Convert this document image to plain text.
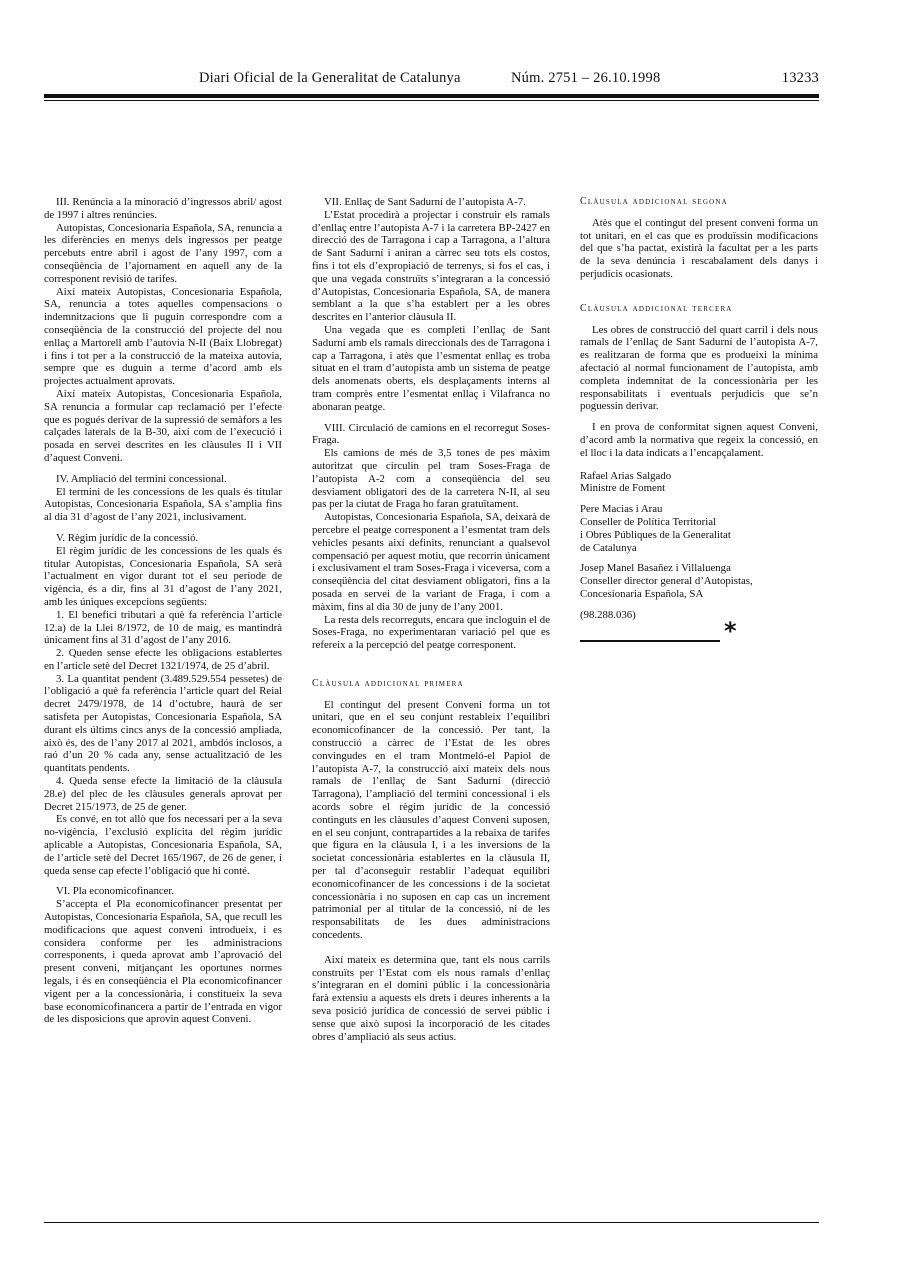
Diari Oficial de la Generalitat de Catalunya	Núm. 2751 – 26.10.1998	13233

III. Renúncia a la minoració d’ingressos abril/ agost de 1997 i altres renúncies.

Autopistas, Concesionaria Española, SA, renuncia a les diferències en menys dels ingressos per peatge percebuts entre abril i agost de l’any 1997, com a conseqüència de l’ajornament en aquell any de la corresponent revisió de tarifes.

Així mateix Autopistas, Concesionaria Española, SA, renuncia a totes aquelles compensacions o indemnitzacions que li puguin correspondre com a conseqüència de la construcció del projecte del nou enllaç a Martorell amb l’autovia N-II (Baix Llobregat) i fins i tot per a la construcció de la mateixa autovia, sempre que es duguin a terme d’acord amb els projectes actualment aprovats.

Així mateix Autopistas, Concesionaria Española, SA renuncia a formular cap reclamació per l’efecte que es pogués derivar de la supressió de semàfors a les calçades laterals de la B-30, així com de l’execució i posada en servei descrites en les clàusules II i VII d’aquest Conveni.

IV. Ampliació del termini concessional.

El termini de les concessions de les quals és titular Autopistas, Concesionaria Española, SA s’amplia fins al dia 31 d’agost de l’any 2021, inclusivament.

V. Règim jurídic de la concessió.

El règim jurídic de les concessions de les quals és titular Autopistas, Concesionaria Española, SA serà l’actualment en vigor durant tot el seu període de vigència, és a dir, fins al 31 d’agost de l’any 2021, amb les úniques excepcions següents:

1. El benefici tributari a què fa referència l’article 12.a) de la Llei 8/1972, de 10 de maig, es mantindrà únicament fins al 31 d’agost de l’any 2016.

2. Queden sense efecte les obligacions establertes en l’article setè del Decret 1321/1974, de 25 d’abril.

3. La quantitat pendent (3.489.529.554 pessetes) de l’obligació a què fa referència l’article quart del Reial decret 2479/1978, de 14 d’octubre, haurà de ser satisfeta per Autopistas, Concesionaria Española, SA durant els últims cincs anys de la concessió ampliada, això és, des de l’any 2017 al 2021, ambdós inclosos, a raó d’un 20 % cada any, sense actualització de les quantitats pendents.

4. Queda sense efecte la limitació de la clàusula 28.e) del plec de les clàusules generals aprovat per Decret 215/1973, de 25 de gener.

Es convé, en tot allò que fos necessari per a la seva no-vigència, l’exclusió explícita del règim jurídic aplicable a Autopistas, Concesionaria Española, SA, de l’article setè del Decret 165/1967, de 26 de gener, i queda sense cap efecte l’obligació que hi conté.

VI. Pla economicofinancer.

S’accepta el Pla economicofinancer presentat per Autopistas, Concesionaria Española, SA, que recull les modificacions que aquest conveni introdueix, i es considera conforme per les administracions corresponents, i queda aprovat amb l’aprovació del present conveni, mitjançant les oportunes normes legals, i és en conseqüència el Pla economicofinancer vigent per a la concessionària, i constitueix la seva base economicofinancera a partir de l’entrada en vigor de les disposicions que aprovin aquest Conveni.

VII. Enllaç de Sant Sadurní de l’autopista A-7.

L’Estat procedirà a projectar i construir els ramals d’enllaç entre l’autopista A-7 i la carretera BP-2427 en direcció des de Tarragona i cap a Tarragona, a l’altura de Sant Sadurní i aniran a càrrec seu tots els costos, fins i tot els d’expropiació de terrenys, si fos el cas, i que una vegada construïts s’integraran a la concessió d’Autopistas, Concesionaria Española, SA, de manera semblant a la que s’ha establert per a les obres descrites en l’anterior clàusula II.

Una vegada que es completi l’enllaç de Sant Sadurní amb els ramals direccionals des de Tarragona i cap a Tarragona, i atès que l’esmentat enllaç es troba situat en el tram d’autopista amb un sistema de peatge dels anomenats oberts, els desplaçaments interns al tram comprès entre l’esmentat enllaç i Vilafranca no abonaran peatge.

VIII. Circulació de camions en el recorregut Soses-Fraga.

Els camions de més de 3,5 tones de pes màxim autoritzat que circulin pel tram Soses-Fraga de l’autopista A-2 com a conseqüència del seu desviament obligatori des de la carretera N-II, al seu pas per la ciutat de Fraga ho faran gratuïtament.

Autopistas, Concesionaria Española, SA, deixarà de percebre el peatge corresponent a l’esmentat tram dels vehicles pesants així definits, renunciant a qualsevol compensació per aquest motiu, que recorrin únicament i exclusivament el tram Soses-Fraga i viceversa, com a conseqüència del citat desviament obligatori, fins a la posada en servei de la variant de Fraga, i com a màxim, fins al dia 30 de juny de l’any 2001.

La resta dels recorreguts, encara que incloguin el de Soses-Fraga, no experimentaran variació pel que es refereix a la percepció del peatge corresponent.

Clàusula addicional primera

El contingut del present Conveni forma un tot unitari, que en el seu conjunt restableix l’equilibri economicofinancer de la concessió. Per tant, la construcció a càrrec de l’Estat de les obres convingudes en el tram Montmeló-el Papiol de l’autopista A-7, la construcció així mateix dels nous ramals de l’enllaç de Sant Sadurní (direcció Tarragona), l’ampliació del termini concessional i els acords sobre el règim jurídic de la concessió continguts en les clàusules d’aquest Conveni suposen, en el seu conjunt, contrapartides a la rebaixa de tarifes que figura en la clàusula I, i a les inversions de la societat concessionària establertes en la clàusula II, per tal d’aconseguir restablir l’adequat equilibri economicofinancer de les concessions i de la societat concessionària i no suposen en cap cas un increment patrimonial per al titular de la concessió, ni de les responsabilitats de les dues administracions concedents.

Així mateix es determina que, tant els nous carrils construïts per l’Estat com els nous ramals d’enllaç s’integraran en el domini públic i la concessionària farà extensiu a aquests els drets i deures inherents a la seva posició jurídica de concessió de servei públic i sense que això suposi la incorporació de les citades obres d’ampliació als seus actius.

Clàusula addicional segona

Atès que el contingut del present conveni forma un tot unitari, en el cas que es produïssin modificacions del que s’ha pactat, existirà la facultat per a les parts de la seva denúncia i rescabalament dels danys i perjudicis ocasionats.

Clàusula addicional tercera

Les obres de construcció del quart carril i dels nous ramals de l’enllaç de Sant Sadurní de l’autopista A-7, es realitzaran de forma que es produeixi la mínima afectació al normal funcionament de l’autopista, amb completa indemnitat de la concessionària per les responsabilitats i eventuals perjudicis que se’n poguessin derivar.

I en prova de conformitat signen aquest Conveni, d’acord amb la normativa que regeix la concessió, en el lloc i la data indicats a l’encapçalament.

Rafael Arias Salgado

Ministre de Foment

Pere Macias i Arau

Conseller de Política Territorial

i Obres Públiques de la Generalitat

de Catalunya

Josep Manel Basañez i Villaluenga

Conseller director general d’Autopistas,

Concesionaria Española, SA

(98.288.036)

*
